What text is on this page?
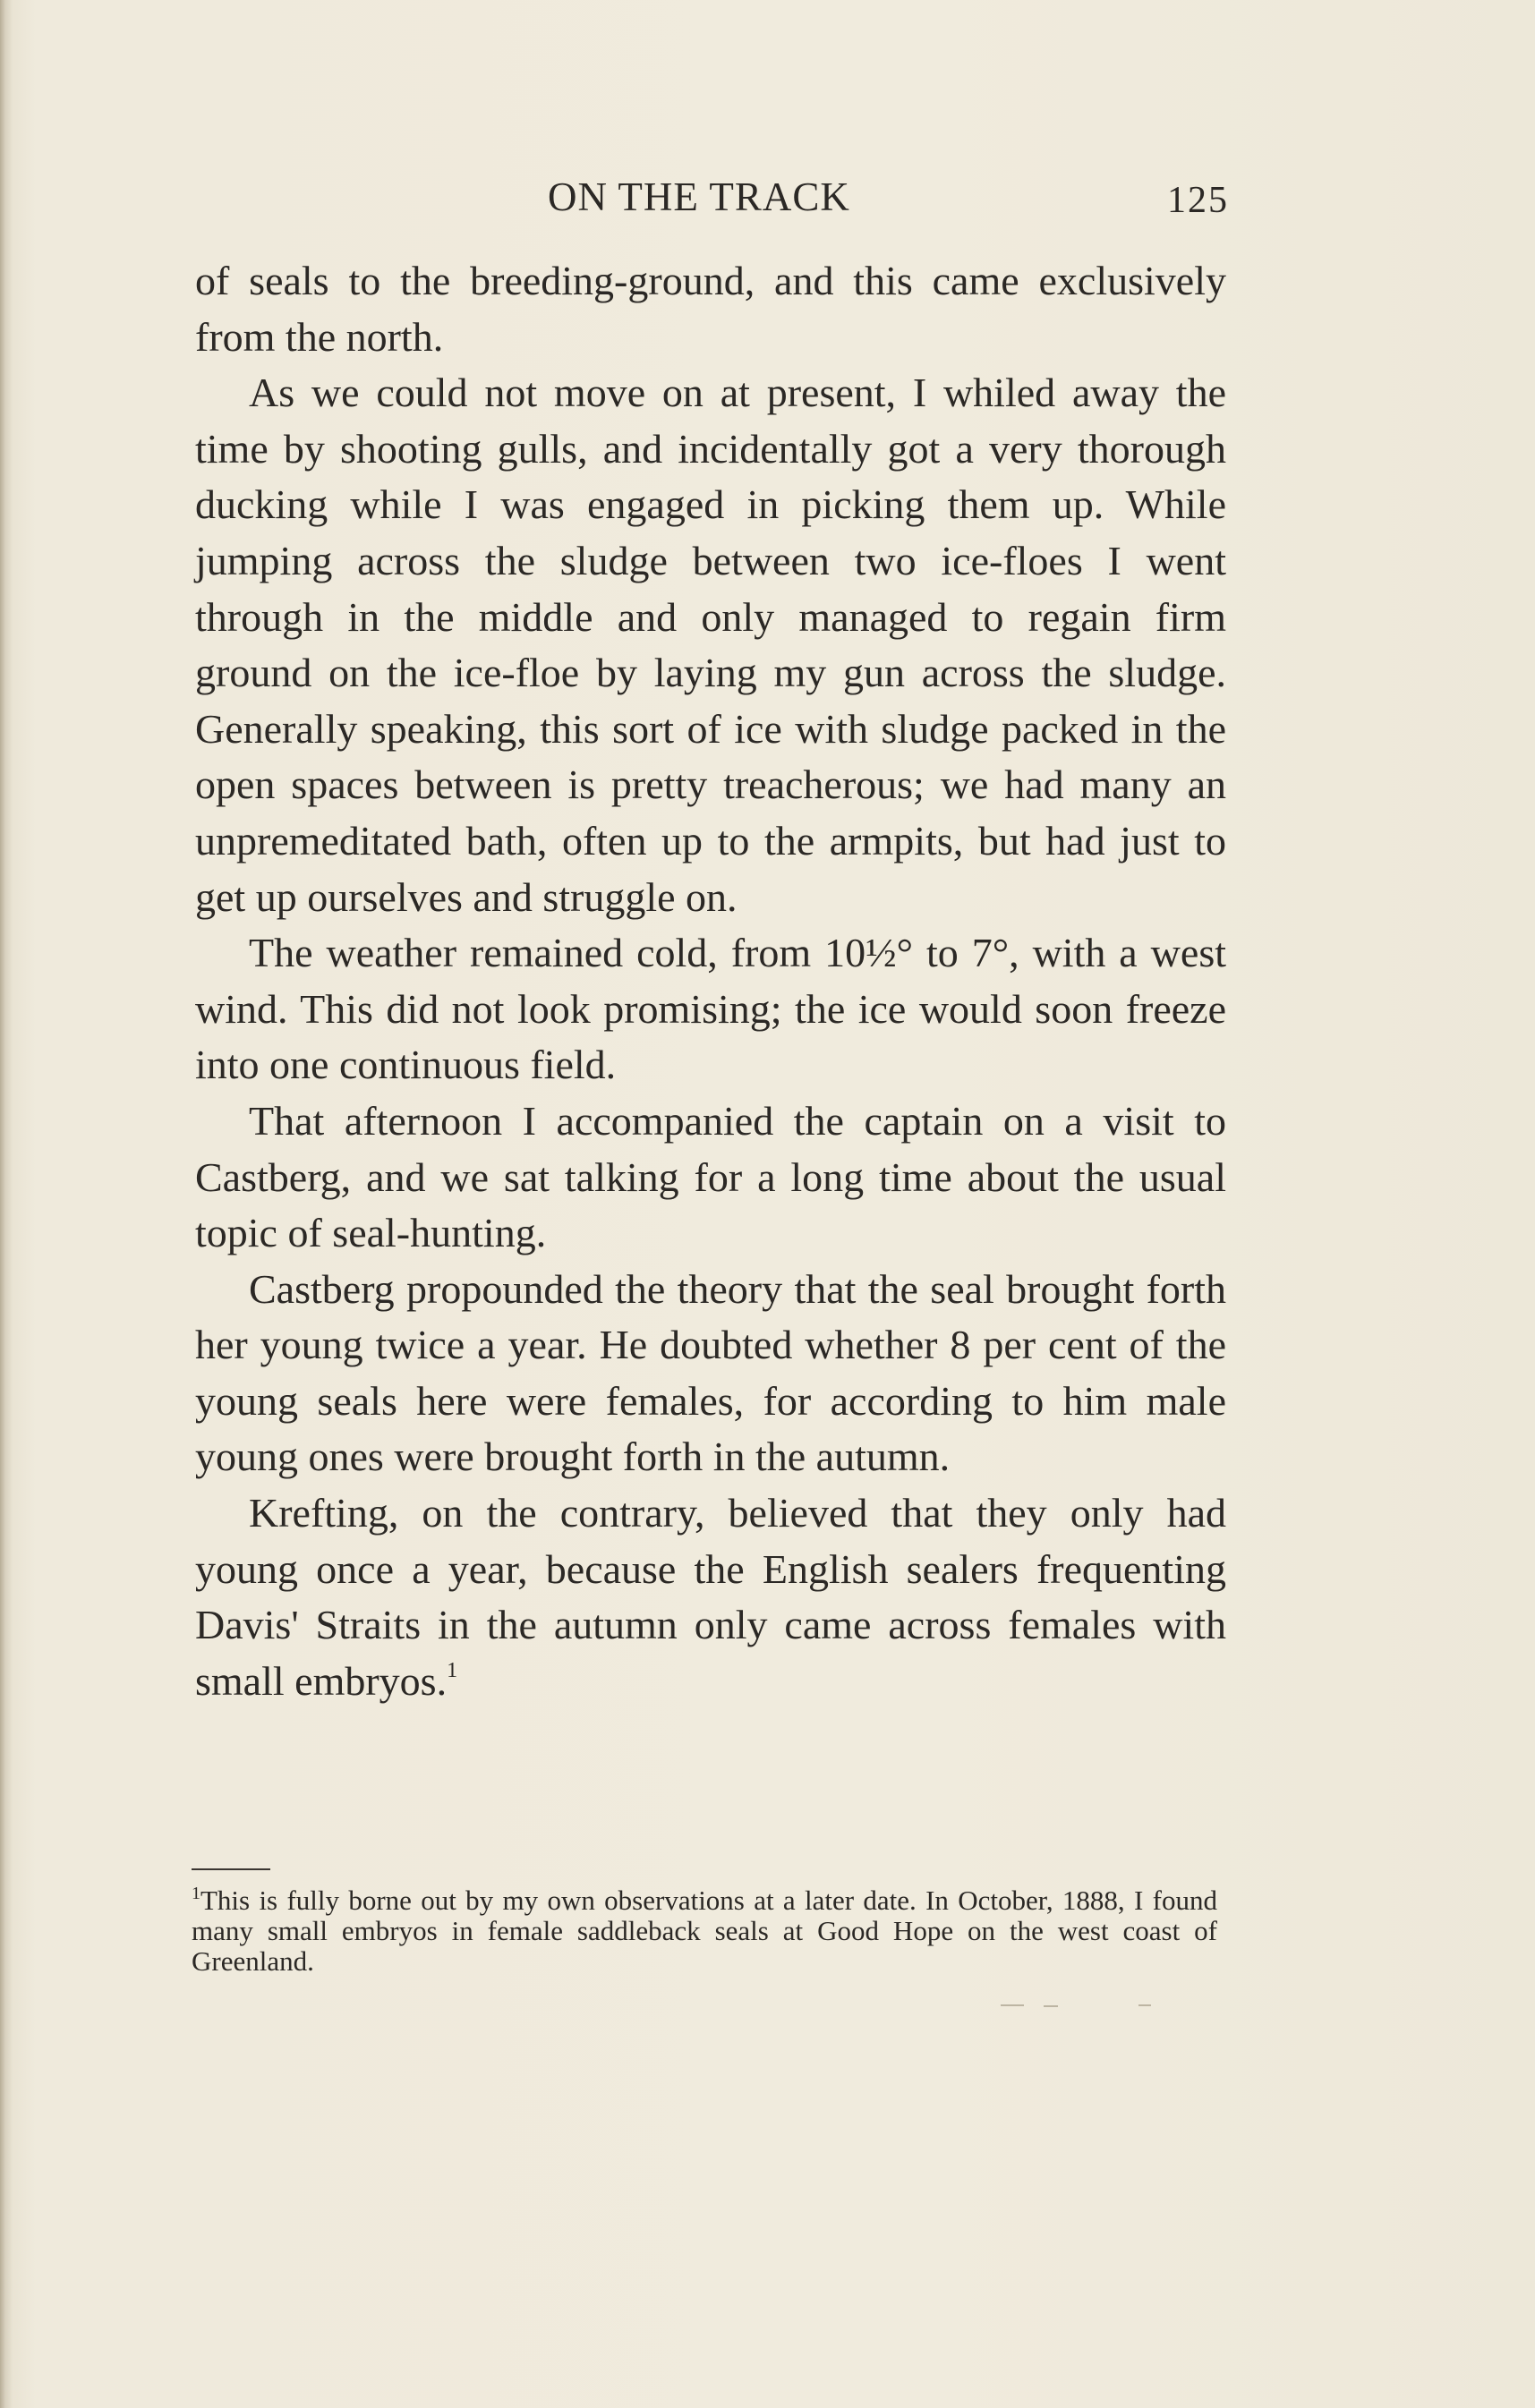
ON THE TRACK	125

of seals to the breeding-ground, and this came exclusively from the north.

As we could not move on at present, I whiled away the time by shooting gulls, and incidentally got a very thorough ducking while I was engaged in picking them up. While jumping across the sludge between two ice-floes I went through in the middle and only managed to regain firm ground on the ice-floe by laying my gun across the sludge. Generally speaking, this sort of ice with sludge packed in the open spaces between is pretty treacherous; we had many an unpremeditated bath, often up to the armpits, but had just to get up ourselves and struggle on.

The weather remained cold, from 10½° to 7°, with a west wind. This did not look promising; the ice would soon freeze into one continuous field.

That afternoon I accompanied the captain on a visit to Castberg, and we sat talking for a long time about the usual topic of seal-hunting.

Castberg propounded the theory that the seal brought forth her young twice a year. He doubted whether 8 per cent of the young seals here were females, for according to him male young ones were brought forth in the autumn.

Krefting, on the contrary, believed that they only had young once a year, because the English sealers frequenting Davis' Straits in the autumn only came across females with small embryos.$^1$

$^1$This is fully borne out by my own observations at a later date. In October, 1888, I found many small embryos in female saddleback seals at Good Hope on the west coast of Greenland.
